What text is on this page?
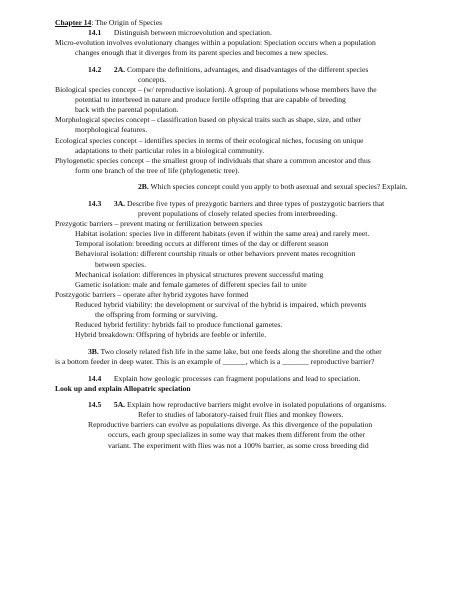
Chapter 14: The Origin of Species

14.1 Distinguish between microevolution and speciation.

Micro-evolution involves evolutionary changes within a population: Speciation occurs when a population

changes enough that it diverges from its parent species and becomes a new species.

14.2 2A. Compare the definitions, advantages, and disadvantages of the different species

concepts.

Biological species concept – (w/ reproductive isolation). A group of populations whose members have the

potential to interbreed in nature and produce fertile offspring that are capable of breeding

back with the parental population.

Morphological species concept – classification based on physical traits such as shape, size, and other

morphological features.

Ecological species concept – identifies species in terms of their ecological niches, focusing on unique

adaptations to their particular roles in a biological community.

Phylogenetic species concept – the smallest group of individuals that share a common ancestor and thus

form one branch of the tree of life (phylogenetic tree).

2B. Which species concept could you apply to both asexual and sexual species? Explain.

14.3 3A. Describe five types of prezygotic barriers and three types of postzygotic barriers that

prevent populations of closely related species from interbreeding.

Prezygotic barriers – prevent mating or fertilization between species

Habitat isolation: species live in different habitats (even if within the same area) and rarely meet.

Temporal isolation: breeding occurs at different times of the day or different season

Behavioral isolation: different courtship rituals or other behaviors prevent mates recognition

between species.

Mechanical isolation: differences in physical structures prevent successful mating

Gametic isolation: male and female gametes of different species fail to unite

Postzygotic barriers – operate after hybrid zygotes have formed

Reduced hybrid viability: the development or survival of the hybrid is impaired, which prevents

the offspring from forming or surviving.

Reduced hybrid fertility: hybrids fail to produce functional gametes.

Hybrid breakdown: Offspring of hybrids are feeble or infertile.

3B. Two closely related fish life in the same lake, but one feeds along the shoreline and the other

is a bottom feeder in deep water. This is an example of ______, which is a _______ reproductive barrier?

14.4 Explain how geologic processes can fragment populations and lead to speciation.

Look up and explain Allopatric speciation

14.5 5A. Explain how reproductive barriers might evolve in isolated populations of organisms.

Refer to studies of laboratory-raised fruit flies and monkey flowers.

Reproductive barriers can evolve as populations diverge. As this divergence of the population

occurs, each group specializes in some way that makes them different from the other

variant. The experiment with flies was not a 100% barrier, as some cross breeding did
